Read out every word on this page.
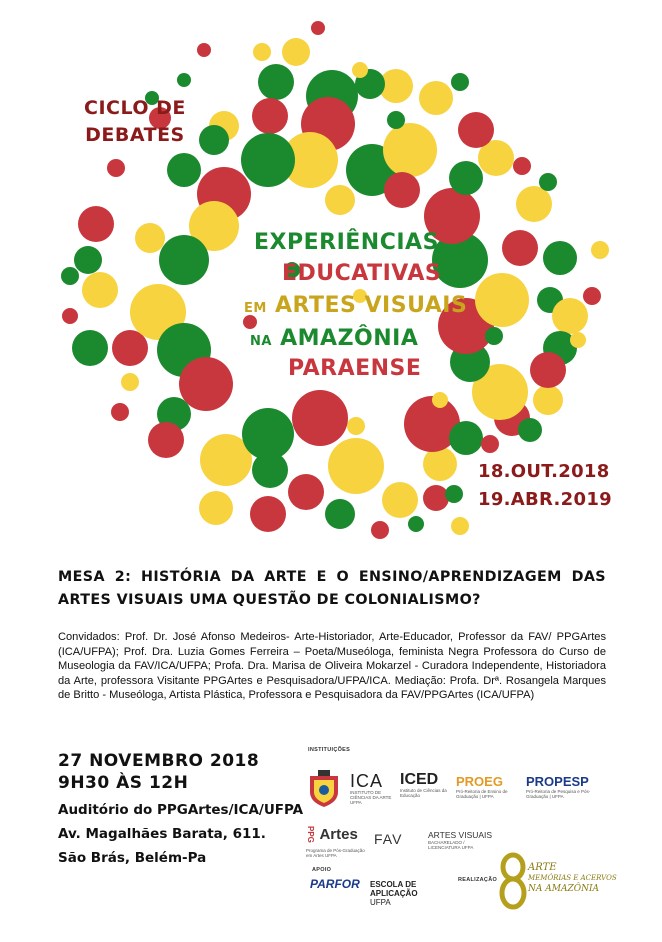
CICLO DE
DEBATES
EXPERIÊNCIAS
EDUCATIVAS
EM ARTES VISUAIS
NA AMAZÔNIA
PARAENSE
18.OUT.2018
19.ABR.2019
MESA 2: HISTÓRIA DA ARTE E O ENSINO/APRENDIZAGEM DAS ARTES VISUAIS UMA QUESTÃO DE COLONIALISMO?
Convidados: Prof. Dr. José Afonso Medeiros- Arte-Historiador, Arte-Educador, Professor da FAV/ PPGArtes (ICA/UFPA); Prof. Dra. Luzia Gomes Ferreira – Poeta/Museóloga, feminista Negra Professora do Curso de Museologia da FAV/ICA/UFPA; Profa. Dra. Marisa de Oliveira Mokarzel - Curadora Independente, Historiadora da Arte, professora Visitante PPGArtes e Pesquisadora/UFPA/ICA. Mediação: Profa. Drª. Rosangela Marques de Britto - Museóloga, Artista Plástica, Professora e Pesquisadora da FAV/PPGArtes (ICA/UFPA)
27 NOVEMBRO 2018
9H30 ÀS 12H
Auditório do PPGArtes/ICA/UFPA
Av. Magalhães Barata, 611.
São Brás, Belém-Pa
INSTITUIÇÕES
ICA
INSTITUTO DE CIÊNCIAS DA ARTE UFPA
ICED
Instituto de Ciências da Educação
PROEG
Pró-Reitoria de Ensino de Graduação | UFPA
PROPESP
Pró-Reitoria de Pesquisa e Pós-Graduação | UFPA
PPG Artes
Programa de Pós-Graduação em Artes UFPA
FAV	ARTES VISUAIS
BACHARELADO / LICENCIATURA UFPA
APOIO
PARFOR ESCOLA DE
APLICAÇÃO
UFPA
REALIZAÇÃO
ARTE
MEMÓRIAS E ACERVOS
NA AMAZÔNIA
